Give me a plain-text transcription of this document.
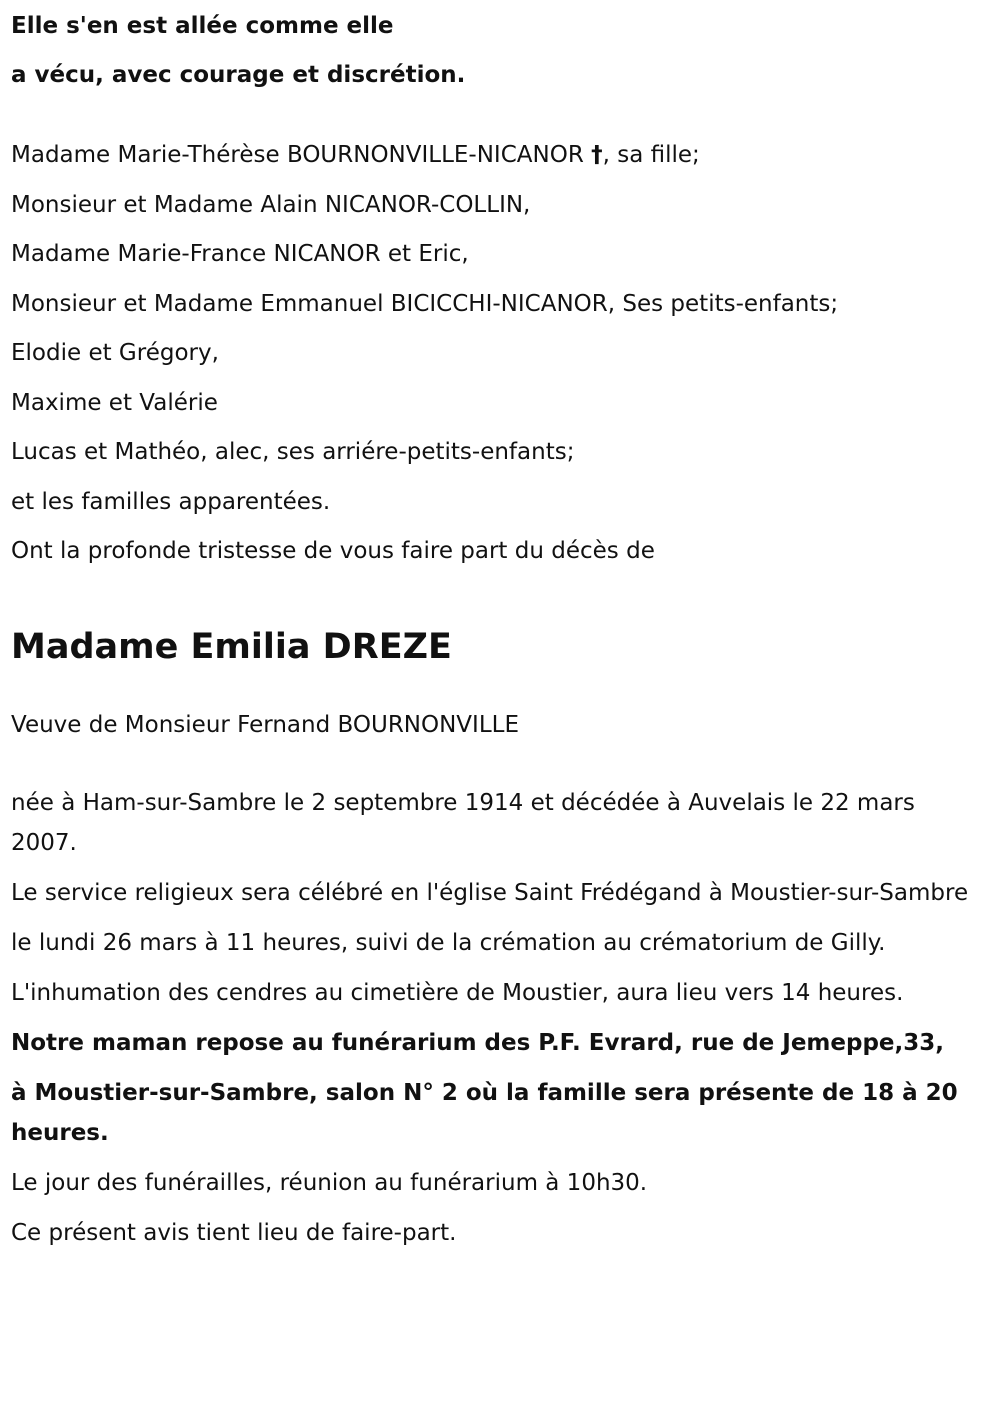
Elle s'en est allée comme elle
a vécu, avec courage et discrétion.
Madame Marie-Thérèse BOURNONVILLE-NICANOR †, sa fille;
Monsieur et Madame Alain NICANOR-COLLIN,
Madame Marie-France NICANOR et Eric,
Monsieur et Madame Emmanuel BICICCHI-NICANOR, Ses petits-enfants;
Elodie et Grégory,
Maxime et Valérie
Lucas et Mathéo, alec, ses arriére-petits-enfants;
et les familles apparentées.
Ont la profonde tristesse de vous faire part du décès de
Madame Emilia DREZE
Veuve de Monsieur Fernand BOURNONVILLE
née à Ham-sur-Sambre le 2 septembre 1914 et décédée à Auvelais le 22 mars 2007.
Le service religieux sera célébré en l'église Saint Frédégand à Moustier-sur-Sambre
le lundi 26 mars à 11 heures, suivi de la crémation au crématorium de Gilly.
L'inhumation des cendres au cimetière de Moustier, aura lieu vers 14 heures.
Notre maman repose au funérarium des P.F. Evrard, rue de Jemeppe,33,
à Moustier-sur-Sambre, salon N° 2 où la famille sera présente de 18 à 20 heures.
Le jour des funérailles, réunion au funérarium à 10h30.
Ce présent avis tient lieu de faire-part.
